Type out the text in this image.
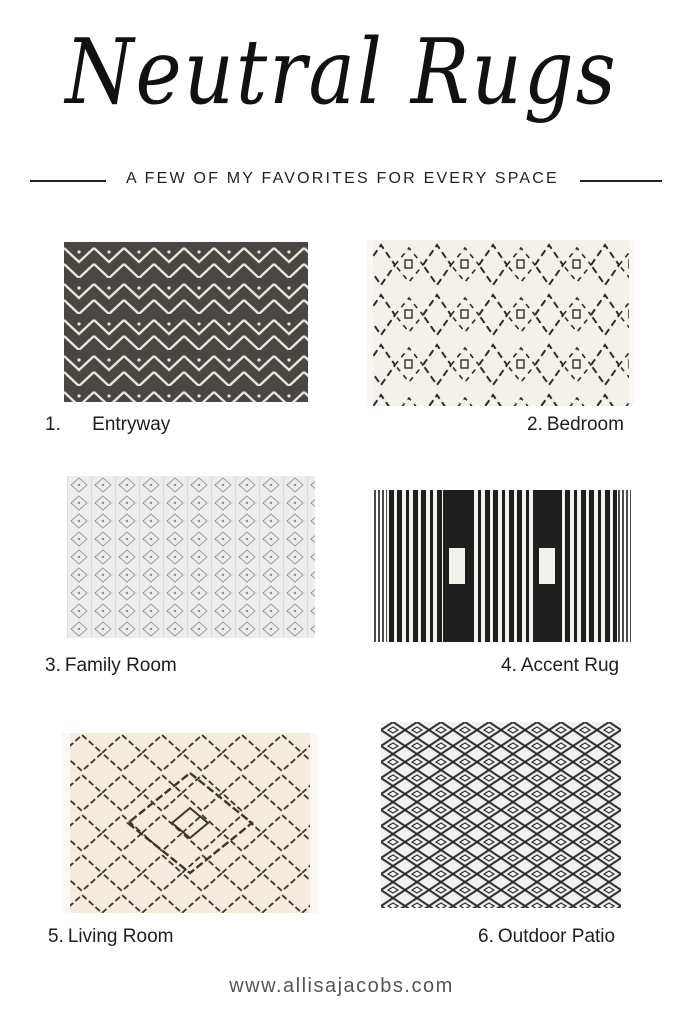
Neutral Rugs
A FEW OF MY FAVORITES FOR EVERY SPACE
1. Entryway	2. Bedroom
3. Family Room	4. Accent Rug
5. Living Room	6. Outdoor Patio
www.allisajacobs.com
